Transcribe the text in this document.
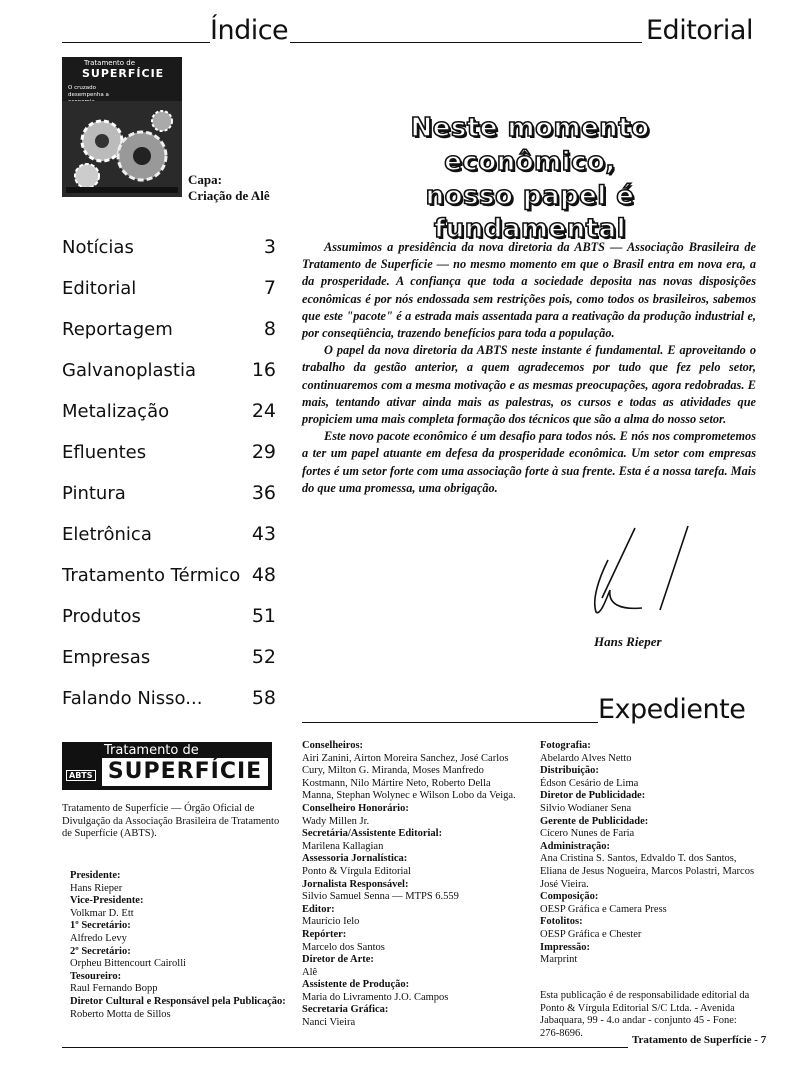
Índice	Editorial
Tratamento de
SUPERFÍCIE
O cruzado desempenha a
Capa:
Criação de Alê
Notícias	3
Editorial	7
Reportagem	8
Galvanoplastia	16
Metalização	24
Efluentes	29
Pintura	36
Eletrônica	43
Tratamento Térmico 48
Produtos	51
Empresas	52
Falando Nisso...	58
Neste momento econômico,
nosso papel é fundamental

Assumimos a presidência da nova diretoria da ABTS — Associação Brasileira de Tratamento de Superfície — no mesmo momento em que o Brasil entra em nova era, a da prosperidade. A confiança que toda a sociedade deposita nas novas disposições econômicas é por nós endossada sem restrições pois, como todos os brasileiros, sabemos que este "pacote" é a estrada mais assentada para a reativação da produção industrial e, por conseqüência, trazendo benefícios para toda a população.

O papel da nova diretoria da ABTS neste instante é fundamental. E aproveitando o trabalho da gestão anterior, a quem agradecemos por tudo que fez pelo setor, continuaremos com a mesma motivação e as mesmas preocupações, agora redobradas. E mais, tentando ativar ainda mais as palestras, os cursos e todas as atividades que propiciem uma mais completa formação dos técnicos que são a alma do nosso setor.

Este novo pacote econômico é um desafio para todos nós. E nós nos comprometemos a ter um papel atuante em defesa da prosperidade econômica. Um setor com empresas fortes é um setor forte com uma associação forte à sua frente. Esta é a nossa tarefa. Mais do que uma promessa, uma obrigação.

Hans Rieper
Expediente
Tratamento de
ABTS SUPERFÍCIE
Tratamento de Superfície — Órgão Oficial de Divulgação da Associação Brasileira de Tratamento de Superfície (ABTS).
Presidente:
Hans Rieper
Vice-Presidente:
Volkmar D. Ett
1º Secretário:
Alfredo Levy
2º Secretário:
Orpheu Bittencourt Cairolli
Tesoureiro:
Raul Fernando Bopp
Diretor Cultural e Responsável pela Publicação:
Roberto Motta de Sillos
Conselheiros:
Airi Zanini, Airton Moreira Sanchez, José Carlos Cury, Milton G. Miranda, Moses Manfredo Kostmann, Nilo Mártire Neto, Roberto Della Manna, Stephan Wolynec e Wilson Lobo da Veiga.
Conselheiro Honorário:
Wady Millen Jr.
Secretária/Assistente Editorial:
Marilena Kallagian
Assessoria Jornalística:
Ponto & Vírgula Editorial
Jornalista Responsável:
Silvio Samuel Senna — MTPS 6.559
Editor:
Maurício Ielo
Repórter:
Marcelo dos Santos
Diretor de Arte:
Alê
Assistente de Produção:
Maria do Livramento J.O. Campos
Secretaria Gráfica:
Nanci Vieira
Fotografia:
Abelardo Alves Netto
Distribuição:
Édson Cesário de Lima
Diretor de Publicidade:
Silvio Wodianer Sena
Gerente de Publicidade:
Cícero Nunes de Faria
Administração:
Ana Cristina S. Santos, Edvaldo T. dos Santos, Eliana de Jesus Nogueira, Marcos Polastri, Marcos José Vieira.
Composição:
OESP Gráfica e Camera Press
Fotolitos:
OESP Gráfica e Chester
Impressão:
Marprint
Esta publicação é de responsabilidade editorial da Ponto & Vírgula Editorial S/C Ltda. - Avenida Jabaquara, 99 - 4.o andar - conjunto 45 - Fone: 276-8696.
Tratamento de Superfície - 7
